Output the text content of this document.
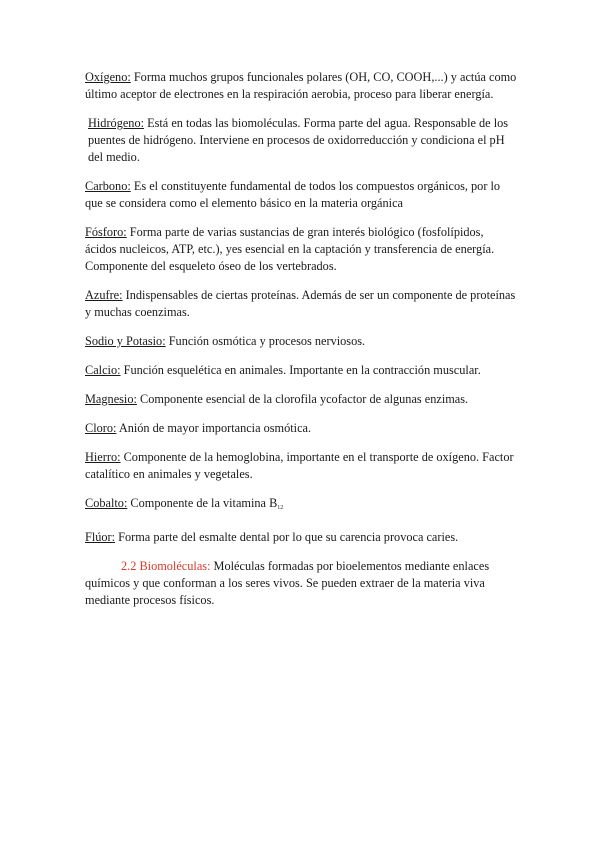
Oxígeno: Forma muchos grupos funcionales polares (OH, CO, COOH,...) y actúa como último aceptor de electrones en la respiración aerobia, proceso para liberar energía.

Hidrógeno: Está en todas las biomoléculas. Forma parte del agua. Responsable de los puentes de hidrógeno. Interviene en procesos de oxidorreducción y condiciona el pH del medio.

Carbono: Es el constituyente fundamental de todos los compuestos orgánicos, por lo que se considera como el elemento básico en la materia orgánica

Fósforo: Forma parte de varias sustancias de gran interés biológico (fosfolípidos, ácidos nucleicos, ATP, etc.), yes esencial en la captación y transferencia de energía. Componente del esqueleto óseo de los vertebrados.

Azufre: Indispensables de ciertas proteínas. Además de ser un componente de proteínas y muchas coenzimas.

Sodio y Potasio: Función osmótica y procesos nerviosos.

Calcio: Función esquelética en animales. Importante en la contracción muscular.

Magnesio: Componente esencial de la clorofila ycofactor de algunas enzimas.

Cloro: Anión de mayor importancia osmótica.

Hierro: Componente de la hemoglobina, importante en el transporte de oxígeno. Factor catalítico en animales y vegetales.

Cobalto: Componente de la vitamina $B_{12}$

Flúor: Forma parte del esmalte dental por lo que su carencia provoca caries.

2.2 Biomoléculas: Moléculas formadas por bioelementos mediante enlaces químicos y que conforman a los seres vivos. Se pueden extraer de la materia viva mediante procesos físicos.
